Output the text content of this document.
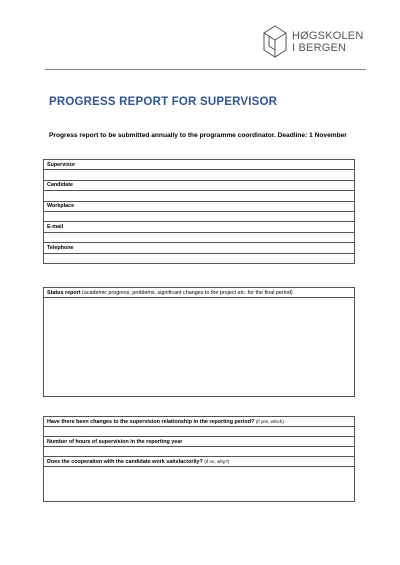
HØGSKOLEN
I BERGEN
PROGRESS REPORT FOR SUPERVISOR
Progress report to be submitted annually to the programme coordinator. Deadline: 1 November
Supervisor

Candidate

Workplace

E-mail

Telephone

Status report (academic progress, problems, significant changes to the project etc. for the final period)

Have there been changes to the supervision relationship in the reporting period? (if yes, which)

Number of hours of supervision in the reporting year

Does the cooperation with the candidate work satisfactorily? (if no, why?)
